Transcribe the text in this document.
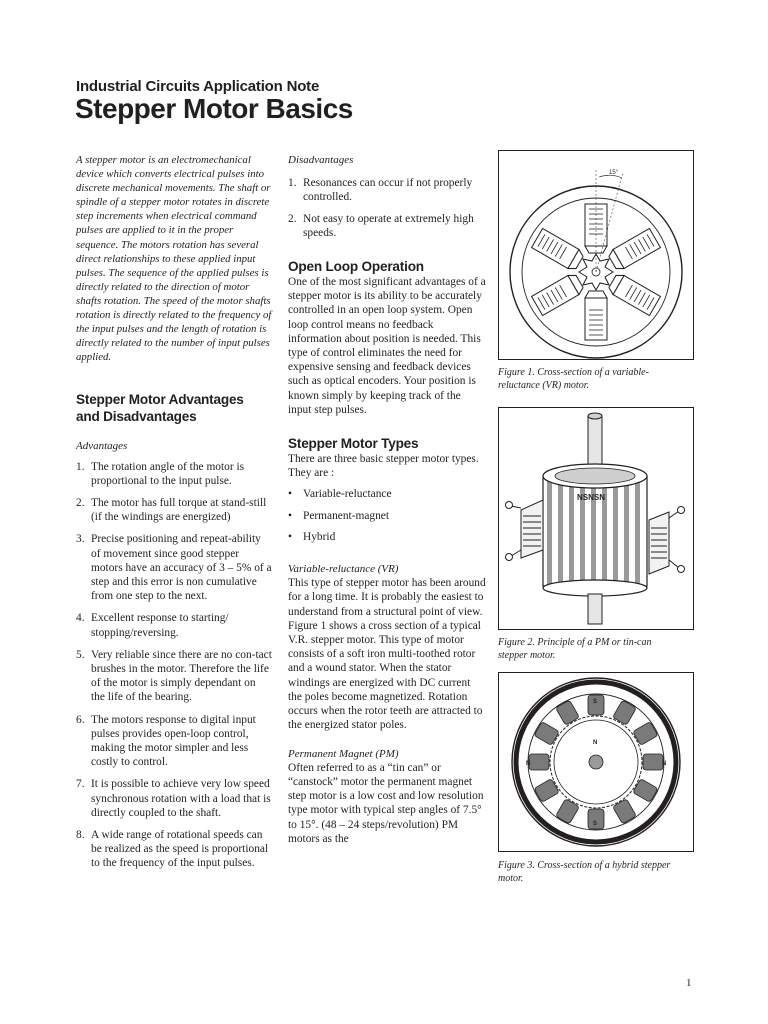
Industrial Circuits Application Note
Stepper Motor Basics

A stepper motor is an electromechanical device which converts electrical pulses into discrete mechanical movements. The shaft or spindle of a stepper motor rotates in discrete step increments when electrical command pulses are applied to it in the proper sequence. The motors rotation has several direct relationships to these applied input pulses. The sequence of the applied pulses is directly related to the direction of motor shafts rotation. The speed of the motor shafts rotation is directly related to the frequency of the input pulses and the length of rotation is directly related to the number of input pulses applied.

Stepper Motor Advantages
and Disadvantages

Advantages

1. The rotation angle of the motor is proportional to the input pulse.
2. The motor has full torque at stand-still (if the windings are energized)
3. Precise positioning and repeat-ability of movement since good stepper motors have an accuracy of 3 – 5% of a step and this error is non cumulative from one step to the next.
4. Excellent response to starting/ stopping/reversing.
5. Very reliable since there are no con-tact brushes in the motor. Therefore the life of the motor is simply dependant on the life of the bearing.
6. The motors response to digital input pulses provides open-loop control, making the motor simpler and less costly to control.
7. It is possible to achieve very low speed synchronous rotation with a load that is directly coupled to the shaft.
8. A wide range of rotational speeds can be realized as the speed is proportional to the frequency of the input pulses.

Disadvantages

1. Resonances can occur if not properly controlled.
2. Not easy to operate at extremely high speeds.
Open Loop Operation

One of the most significant advantages of a stepper motor is its ability to be accurately controlled in an open loop system. Open loop control means no feedback information about position is needed. This type of control eliminates the need for expensive sensing and feedback devices such as optical encoders. Your position is known simply by keeping track of the input step pulses.

Stepper Motor Types

There are three basic stepper motor types. They are :

• Variable-reluctance
• Permanent-magnet
• Hybrid

Variable-reluctance (VR)

This type of stepper motor has been around for a long time. It is probably the easiest to understand from a structural point of view. Figure 1 shows a cross section of a typical V.R. stepper motor. This type of motor consists of a soft iron multi-toothed rotor and a wound stator. When the stator windings are energized with DC current the poles become magnetized. Rotation occurs when the rotor teeth are attracted to the energized stator poles.

Permanent Magnet (PM)

Often referred to as a “tin can” or “canstock” motor the permanent magnet step motor is a low cost and low resolution type motor with typical step angles of 7.5° to 15°. (48 – 24 steps/revolution) PM motors as the

15°
Figure 1. Cross-section of a variable-reluctance (VR) motor.
NSNSN
Figure 2. Principle of a PM or tin-can stepper motor.
N
S
S
N	N
Figure 3. Cross-section of a hybrid stepper motor.
1
